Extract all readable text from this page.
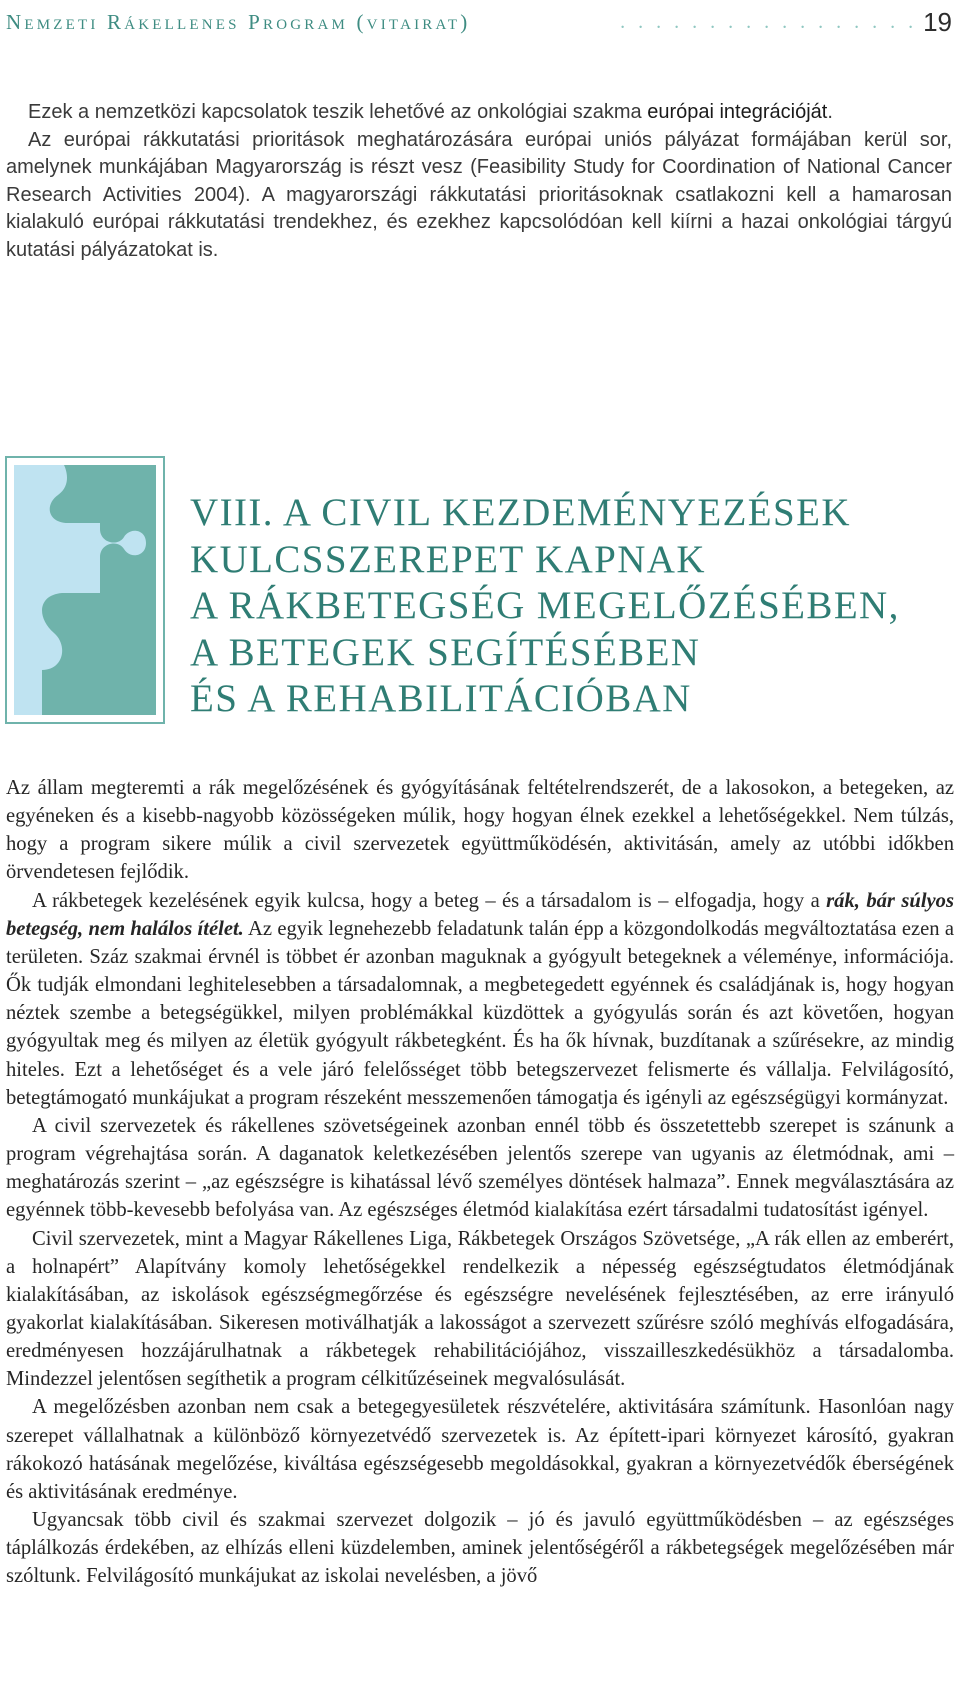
Nemzeti Rákellenes Program (vitairat)	. . . . . . . . . . . . . . . . . 19

Ezek a nemzetközi kapcsolatok teszik lehetővé az onkológiai szakma európai integrációját.

Az európai rákkutatási prioritások meghatározására európai uniós pályázat formájában kerül sor, amelynek munkájában Magyarország is részt vesz (Feasibility Study for Coordination of National Cancer Research Activities 2004). A magyarországi rákkutatási prioritásoknak csatlakozni kell a hamarosan kialakuló európai rákkutatási trendekhez, és ezekhez kapcsolódóan kell kiírni a hazai onkológiai tárgyú kutatási pályázatokat is.

VIII. A CIVIL KEZDEMÉNYEZÉSEK
KULCSSZEREPET KAPNAK
A RÁKBETEGSÉG MEGELŐZÉSÉBEN,
A BETEGEK SEGÍTÉSÉBEN
ÉS A REHABILITÁCIÓBAN

Az állam megteremti a rák megelőzésének és gyógyításának feltételrendszerét, de a lakosokon, a betegeken, az egyéneken és a kisebb-nagyobb közösségeken múlik, hogy hogyan élnek ezekkel a lehetőségekkel. Nem túlzás, hogy a program sikere múlik a civil szervezetek együttműködésén, aktivitásán, amely az utóbbi időkben örvendetesen fejlődik.

A rákbetegek kezelésének egyik kulcsa, hogy a beteg – és a társadalom is – elfogadja, hogy a rák, bár súlyos betegség, nem halálos ítélet. Az egyik legnehezebb feladatunk talán épp a közgondolkodás megváltoztatása ezen a területen. Száz szakmai érvnél is többet ér azonban maguknak a gyógyult betegeknek a véleménye, információja. Ők tudják elmondani leghitelesebben a társadalomnak, a megbetegedett egyénnek és családjának is, hogy hogyan néztek szembe a betegségükkel, milyen problémákkal küzdöttek a gyógyulás során és azt követően, hogyan gyógyultak meg és milyen az életük gyógyult rákbetegként. És ha ők hívnak, buzdítanak a szűrésekre, az mindig hiteles. Ezt a lehetőséget és a vele járó felelősséget több betegszervezet felismerte és vállalja. Felvilágosító, betegtámogató munkájukat a program részeként messzemenően támogatja és igényli az egészségügyi kormányzat.

A civil szervezetek és rákellenes szövetségeinek azonban ennél több és összetettebb szerepet is szánunk a program végrehajtása során. A daganatok keletkezésében jelentős szerepe van ugyanis az életmódnak, ami – meghatározás szerint – „az egészségre is kihatással lévő személyes döntések halmaza”. Ennek megválasztására az egyénnek több-kevesebb befolyása van. Az egészséges életmód kialakítása ezért társadalmi tudatosítást igényel.

Civil szervezetek, mint a Magyar Rákellenes Liga, Rákbetegek Országos Szövetsége, „A rák ellen az emberért, a holnapért” Alapítvány komoly lehetőségekkel rendelkezik a népesség egészségtudatos életmódjának kialakításában, az iskolások egészségmegőrzése és egészségre nevelésének fejlesztésében, az erre irányuló gyakorlat kialakításában. Sikeresen motiválhatják a lakosságot a szervezett szűrésre szóló meghívás elfogadására, eredményesen hozzájárulhatnak a rákbetegek rehabilitációjához, visszailleszkedésükhöz a társadalomba. Mindezzel jelentősen segíthetik a program célkitűzéseinek megvalósulását.

A megelőzésben azonban nem csak a betegegyesületek részvételére, aktivitására számítunk. Hasonlóan nagy szerepet vállalhatnak a különböző környezetvédő szervezetek is. Az épített-ipari környezet károsító, gyakran rákokozó hatásának megelőzése, kiváltása egészségesebb megoldásokkal, gyakran a környezetvédők éberségének és aktivitásának eredménye.

Ugyancsak több civil és szakmai szervezet dolgozik – jó és javuló együttműködésben – az egészséges táplálkozás érdekében, az elhízás elleni küzdelemben, aminek jelentőségéről a rákbetegségek megelőzésében már szóltunk. Felvilágosító munkájukat az iskolai nevelésben, a jövő
